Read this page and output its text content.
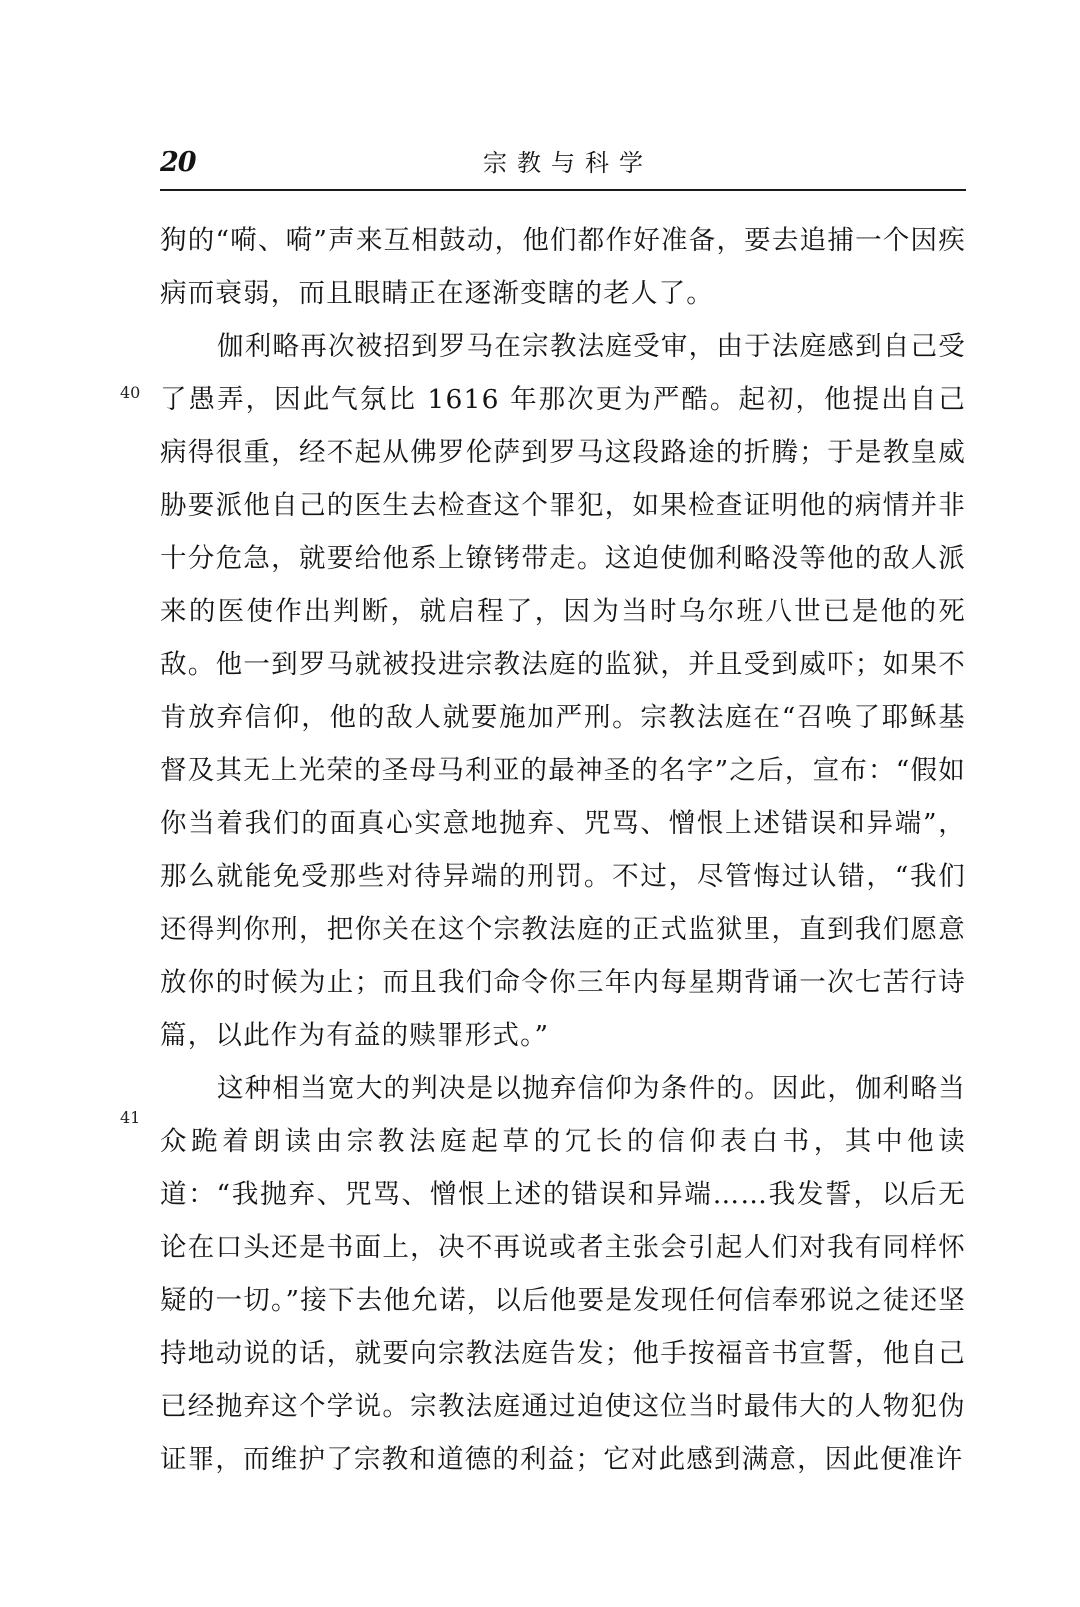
20	宗教与科学
40
41

狗的“嗬、嗬”声来互相鼓动，他们都作好准备，要去追捕一个因疾病而衰弱，而且眼睛正在逐渐变瞎的老人了。

伽利略再次被招到罗马在宗教法庭受审，由于法庭感到自己受了愚弄，因此气氛比 1616 年那次更为严酷。起初，他提出自己病得很重，经不起从佛罗伦萨到罗马这段路途的折腾；于是教皇威胁要派他自己的医生去检查这个罪犯，如果检查证明他的病情并非十分危急，就要给他系上镣铐带走。这迫使伽利略没等他的敌人派来的医使作出判断，就启程了，因为当时乌尔班八世已是他的死敌。他一到罗马就被投进宗教法庭的监狱，并且受到威吓；如果不肯放弃信仰，他的敌人就要施加严刑。宗教法庭在“召唤了耶稣基督及其无上光荣的圣母马利亚的最神圣的名字”之后，宣布：“假如你当着我们的面真心实意地抛弃、咒骂、憎恨上述错误和异端”，那么就能免受那些对待异端的刑罚。不过，尽管悔过认错，“我们还得判你刑，把你关在这个宗教法庭的正式监狱里，直到我们愿意放你的时候为止；而且我们命令你三年内每星期背诵一次七苦行诗篇，以此作为有益的赎罪形式。”

这种相当宽大的判决是以抛弃信仰为条件的。因此，伽利略当众跪着朗读由宗教法庭起草的冗长的信仰表白书，其中他读道：“我抛弃、咒骂、憎恨上述的错误和异端……我发誓，以后无论在口头还是书面上，决不再说或者主张会引起人们对我有同样怀疑的一切。”接下去他允诺，以后他要是发现任何信奉邪说之徒还坚持地动说的话，就要向宗教法庭告发；他手按福音书宣誓，他自己已经抛弃这个学说。宗教法庭通过迫使这位当时最伟大的人物犯伪证罪，而维护了宗教和道德的利益；它对此感到满意，因此便准许
